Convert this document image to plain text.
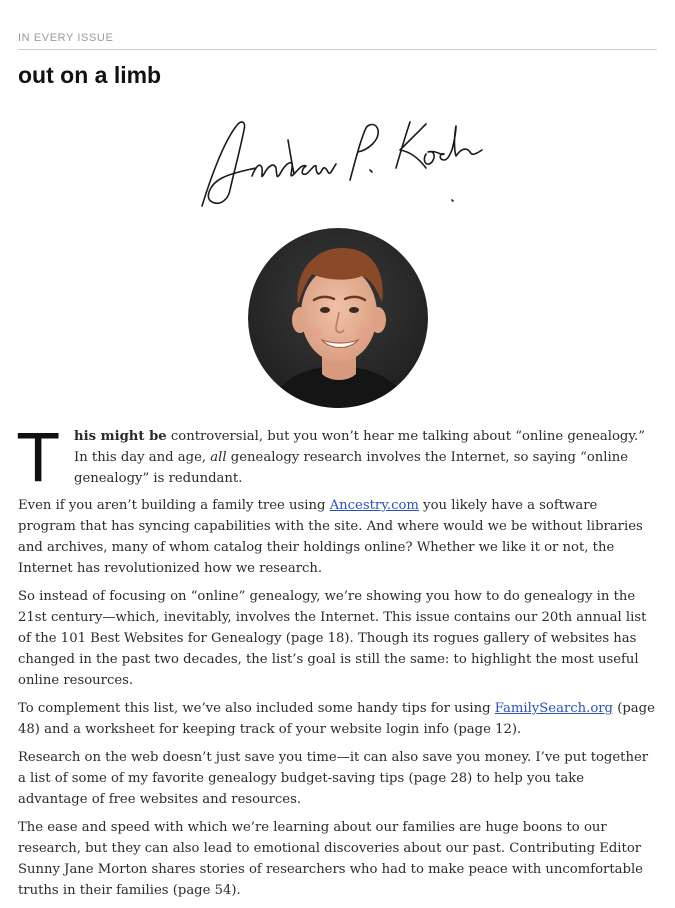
IN EVERY ISSUE
out on a limb

T his might be controversial, but you won’t hear me talking about “online genealogy.” In this day and age, all genealogy research involves the Internet, so saying “online genealogy” is redundant.

Even if you aren’t building a family tree using Ancestry.com you likely have a software program that has syncing capabilities with the site. And where would we be without libraries and archives, many of whom catalog their holdings online? Whether we like it or not, the Internet has revolutionized how we research.

So instead of focusing on “online” genealogy, we’re showing you how to do genealogy in the 21st century—which, inevitably, involves the Internet. This issue contains our 20th annual list of the 101 Best Websites for Genealogy (page 18). Though its rogues gallery of websites has changed in the past two decades, the list’s goal is still the same: to highlight the most useful online resources.

To complement this list, we’ve also included some handy tips for using FamilySearch.org (page 48) and a worksheet for keeping track of your website login info (page 12).

Research on the web doesn’t just save you time—it can also save you money. I’ve put together a list of some of my favorite genealogy budget-saving tips (page 28) to help you take advantage of free websites and resources.

The ease and speed with which we’re learning about our families are huge boons to our research, but they can also lead to emotional discoveries about our past. Contributing Editor Sunny Jane Morton shares stories of researchers who had to make peace with uncomfortable truths in their families (page 54).
